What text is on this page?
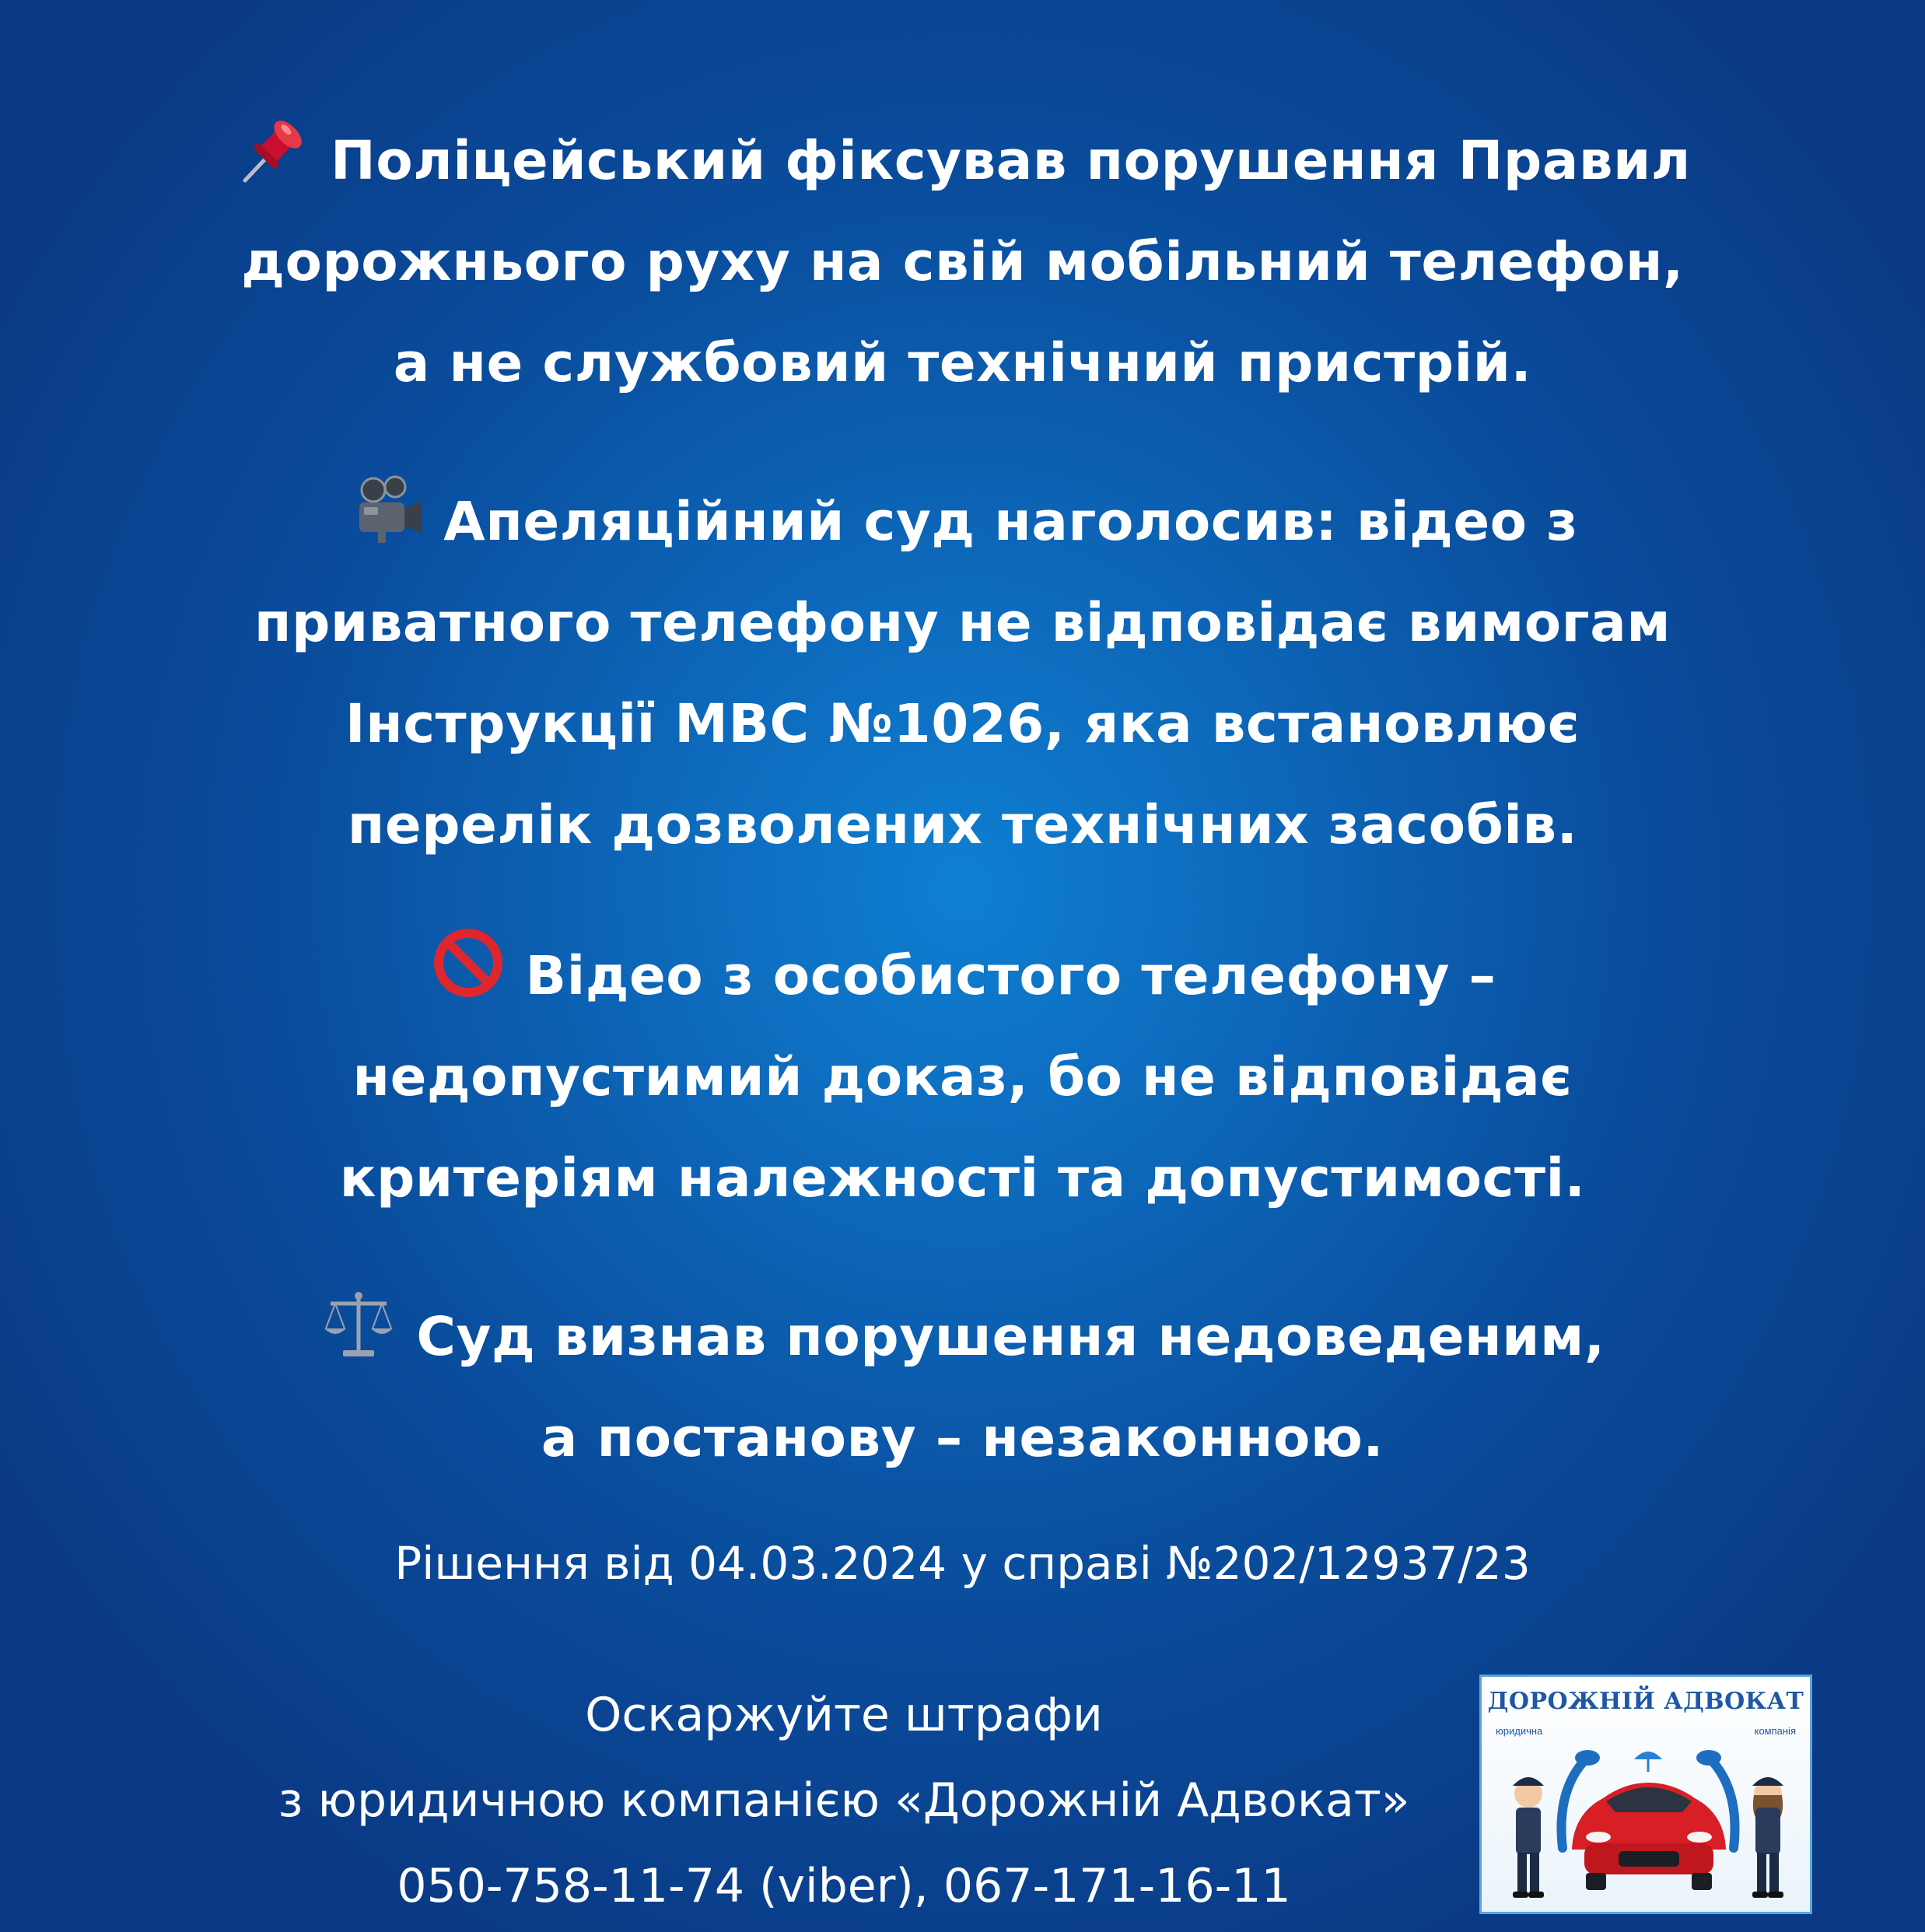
Поліцейський фіксував порушення Правил
дорожнього руху на свій мобільний телефон,
а не службовий технічний пристрій.
Апеляційний суд наголосив: відео з
приватного телефону не відповідає вимогам
Інструкції МВС №1026, яка встановлює
перелік дозволених технічних засобів.
Відео з особистого телефону –
недопустимий доказ, бо не відповідає
критеріям належності та допустимості.
Суд визнав порушення недоведеним,
а постанову – незаконною.
Рішення від 04.03.2024 у справі №202/12937/23
Оскаржуйте штрафи
з юридичною компанією «Дорожній Адвокат»
050-758-11-74 (viber), 067-171-16-11
ДОРОЖНІЙ АДВОКАТ
юридична	компанія
